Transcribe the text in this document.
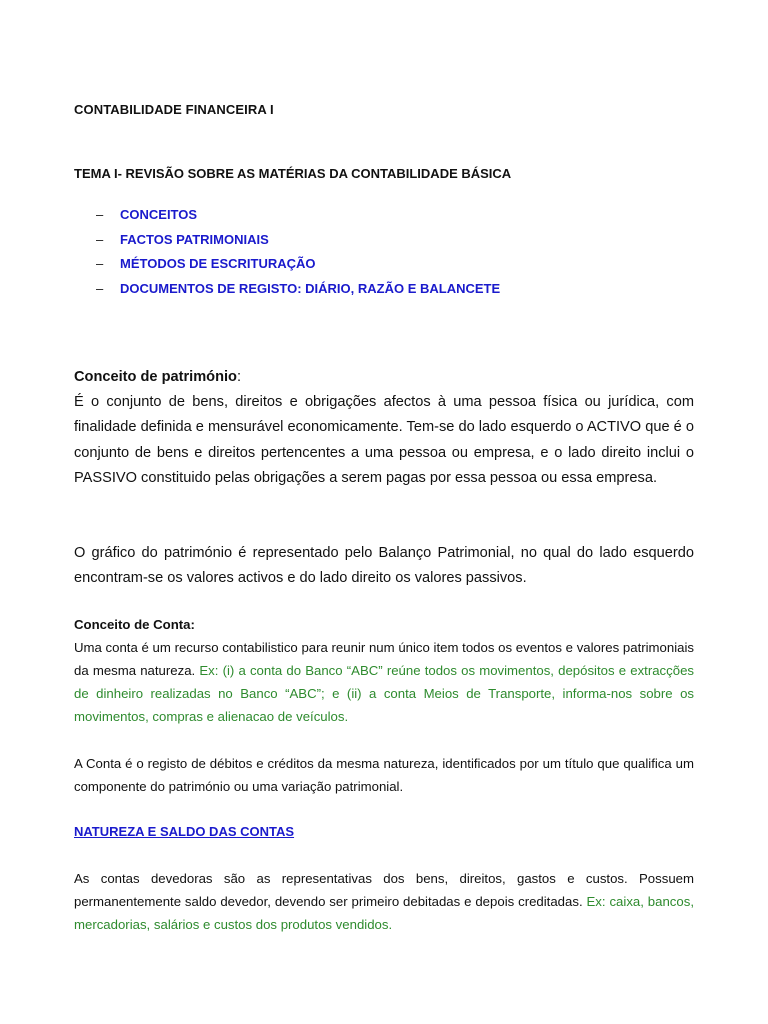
CONTABILIDADE FINANCEIRA I
TEMA I- REVISÃO SOBRE AS MATÉRIAS DA CONTABILIDADE BÁSICA
– CONCEITOS
– FACTOS PATRIMONIAIS
– MÉTODOS DE ESCRITURAÇÃO
– DOCUMENTOS DE REGISTO: DIÁRIO, RAZÃO E BALANCETE
Conceito de património:
É o conjunto de bens, direitos e obrigações afectos à uma pessoa física ou jurídica, com finalidade definida e mensurável economicamente. Tem-se do lado esquerdo o ACTIVO que é o conjunto de bens e direitos pertencentes a uma pessoa ou empresa, e o lado direito inclui o PASSIVO constituido pelas obrigações a serem pagas por essa pessoa ou essa empresa.
O gráfico do património é representado pelo Balanço Patrimonial, no qual do lado esquerdo encontram-se os valores activos e do lado direito os valores passivos.
Conceito de Conta:
Uma conta é um recurso contabilistico para reunir num único item todos os eventos e valores patrimoniais da mesma natureza. Ex: (i) a conta do Banco “ABC” reúne todos os movimentos, depósitos e extracções de dinheiro realizadas no Banco “ABC”; e (ii) a conta Meios de Transporte, informa-nos sobre os movimentos, compras e alienacao de veículos.
A Conta é o registo de débitos e créditos da mesma natureza, identificados por um título que qualifica um componente do património ou uma variação patrimonial.
NATUREZA E SALDO DAS CONTAS
As contas devedoras são as representativas dos bens, direitos, gastos e custos. Possuem permanentemente saldo devedor, devendo ser primeiro debitadas e depois creditadas. Ex: caixa, bancos, mercadorias, salários e custos dos produtos vendidos.
